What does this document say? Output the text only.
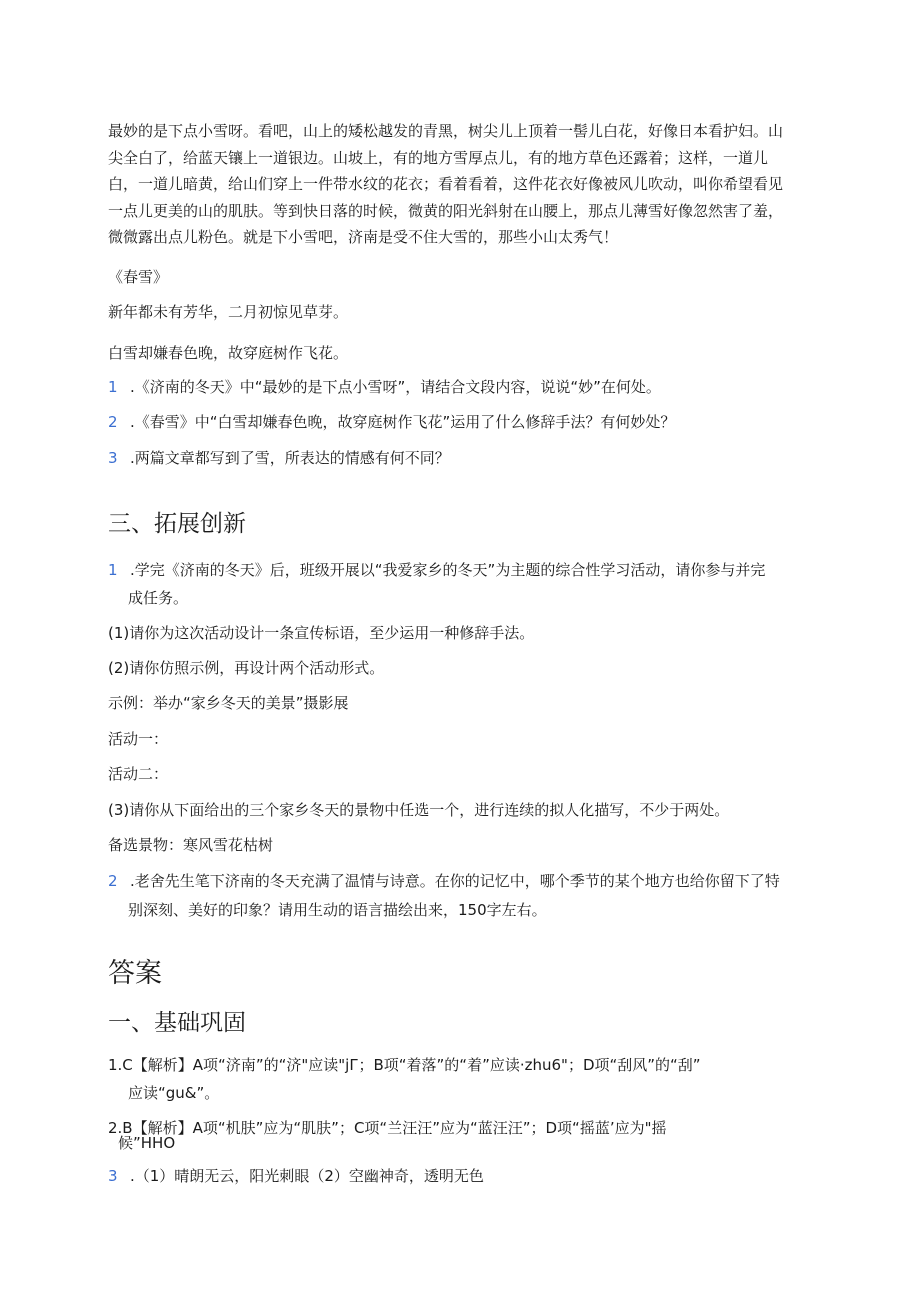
最妙的是下点小雪呀。看吧，山上的矮松越发的青黑，树尖儿上顶着一髻儿白花，好像日本看护妇。山
尖全白了，给蓝天镶上一道银边。山坡上，有的地方雪厚点儿，有的地方草色还露着；这样，一道儿
白，一道儿暗黄，给山们穿上一件带水纹的花衣；看着看着，这件花衣好像被风儿吹动，叫你希望看见
一点儿更美的山的肌肤。等到快日落的时候，微黄的阳光斜射在山腰上，那点儿薄雪好像忽然害了羞，
微微露出点儿粉色。就是下小雪吧，济南是受不住大雪的，那些小山太秀气！
《春雪》
新年都未有芳华，二月初惊见草芽。
白雪却嫌春色晚，故穿庭树作飞花。
1 .《济南的冬天》中“最妙的是下点小雪呀”，请结合文段内容，说说“妙”在何处。
2 .《春雪》中“白雪却嫌春色晚，故穿庭树作飞花”运用了什么修辞手法？有何妙处？
3 .两篇文章都写到了雪，所表达的情感有何不同？
三、拓展创新
1 .学完《济南的冬天》后，班级开展以“我爱家乡的冬天”为主题的综合性学习活动，请你参与并完
成任务。
(1)请你为这次活动设计一条宣传标语，至少运用一种修辞手法。
(2)请你仿照示例，再设计两个活动形式。
示例：举办“家乡冬天的美景”摄影展
活动一：
活动二：
(3)请你从下面给出的三个家乡冬天的景物中任选一个，进行连续的拟人化描写，不少于两处。
备选景物：寒风雪花枯树
2 .老舍先生笔下济南的冬天充满了温情与诗意。在你的记忆中，哪个季节的某个地方也给你留下了特
别深刻、美好的印象？请用生动的语言描绘出来，150字左右。
答案
一、基础巩固
1.C【解析】A项“济南”的“济"应读"jГ；B项“着落”的“着”应读·zhu6"；D项“刮风”的“刮”
应读“gu&”。
2.B【解析】A项“机肤”应为“肌肤”；C项“兰汪汪”应为“蓝汪汪”；D项“摇蓝’应为"摇
候”HHO
3 .（1）晴朗无云，阳光刺眼（2）空幽神奇，透明无色
